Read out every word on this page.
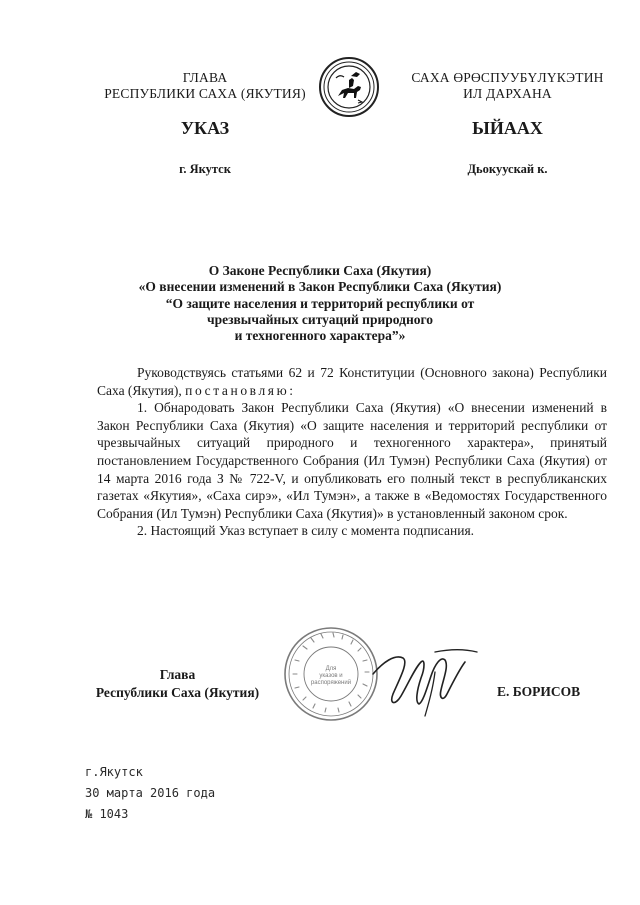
ГЛАВА
РЕСПУБЛИКИ САХА (ЯКУТИЯ)
САХА ӨРӨСПУУБҮЛҮКЭТИН
ИЛ ДАРХАНА
УКАЗ	ЫЙААХ
г. Якутск	Дьокуускай к.
О Законе Республики Саха (Якутия)
«О внесении изменений в Закон Республики Саха (Якутия)
“О защите населения и территорий республики от
чрезвычайных ситуаций природного
и техногенного характера”»

Руководствуясь статьями 62 и 72 Конституции (Основного закона) Республики Саха (Якутия), постановляю:

1. Обнародовать Закон Республики Саха (Якутия) «О внесении изменений в Закон Республики Саха (Якутия) «О защите населения и территорий республики от чрезвычайных ситуаций природного и техногенного характера», принятый постановлением Государственного Собрания (Ил Тумэн) Республики Саха (Якутия) от 14 марта 2016 года З № 722-V, и опубликовать его полный текст в республиканских газетах «Якутия», «Саха сирэ», «Ил Тумэн», а также в «Ведомостях Государственного Собрания (Ил Тумэн) Республики Саха (Якутия)» в установленный законом срок.

2. Настоящий Указ вступает в силу с момента подписания.

Глава
Республики Саха (Якутия)
Для
указов и
распоряжений
Е. БОРИСОВ
г.Якутск
30 марта 2016 года
№ 1043
